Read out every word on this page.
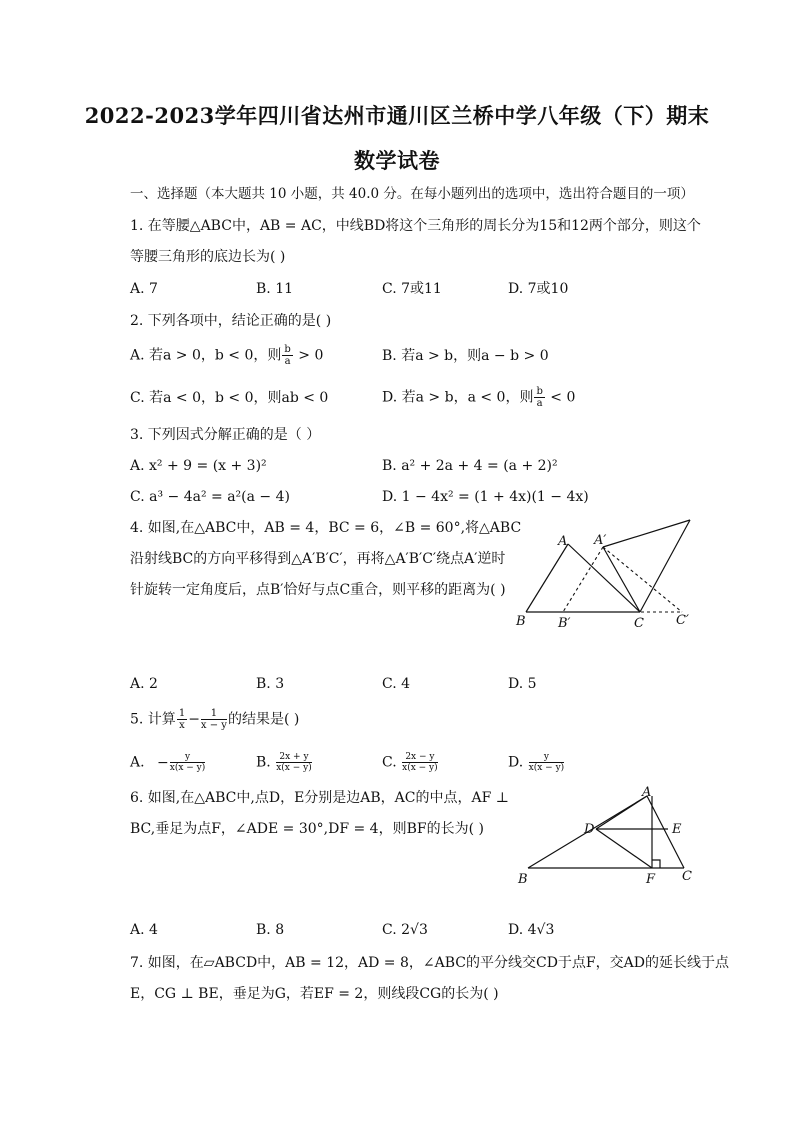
2022-2023学年四川省达州市通川区兰桥中学八年级（下）期末
数学试卷
一、选择题（本大题共 10 小题，共 40.0 分。在每小题列出的选项中，选出符合题目的一项）
1. 在等腰△ABC中，AB = AC，中线BD将这个三角形的周长分为15和12两个部分，则这个
等腰三角形的底边长为( )
A. 7	B. 11	C. 7或11	D. 7或10
2. 下列各项中，结论正确的是( )
A. 若a > 0，b < 0，则 $\frac{b}{a} > 0$	B. 若a > b，则a − b > 0
C. 若a < 0，b < 0，则ab < 0	D. 若a > b，a < 0，则 $\frac{b}{a} < 0$
3. 下列因式分解正确的是（ ）
A. x² + 9 = (x + 3)²	B. a² + 2a + 4 = (a + 2)²
C. a³ − 4a² = a²(a − 4)	D. 1 − 4x² = (1 + 4x)(1 − 4x)
4. 如图,在△ABC中，AB = 4，BC = 6，∠B = 60°,将△ABC
沿射线BC的方向平移得到△A′B′C′，再将△A′B′C′绕点A′逆时
针旋转一定角度后，点B′恰好与点C重合，则平移的距离为( )
A A′
B B′	C C′
A. 2	B. 3	C. 4	D. 5
5. 计算 $\frac{1}{x} - \frac{1}{x - y}$ 的结果是( )
A. − $\frac{y}{x(x - y)}$	B. $\frac{2x + y}{x(x - y)}$	C. $\frac{2x - y}{x(x - y)}$	D. $\frac{y}{x(x - y)}$
6. 如图,在△ABC中,点D，E分别是边AB，AC的中点，AF ⊥
BC,垂足为点F，∠ADE = 30°,DF = 4，则BF的长为( )
A
D	E
B	F C
A. 4	B. 8	C. 2√3	D. 4√3
7. 如图，在▱ABCD中，AB = 12，AD = 8，∠ABC的平分线交CD于点F，交AD的延长线于点
E，CG ⊥ BE，垂足为G，若EF = 2，则线段CG的长为( )
